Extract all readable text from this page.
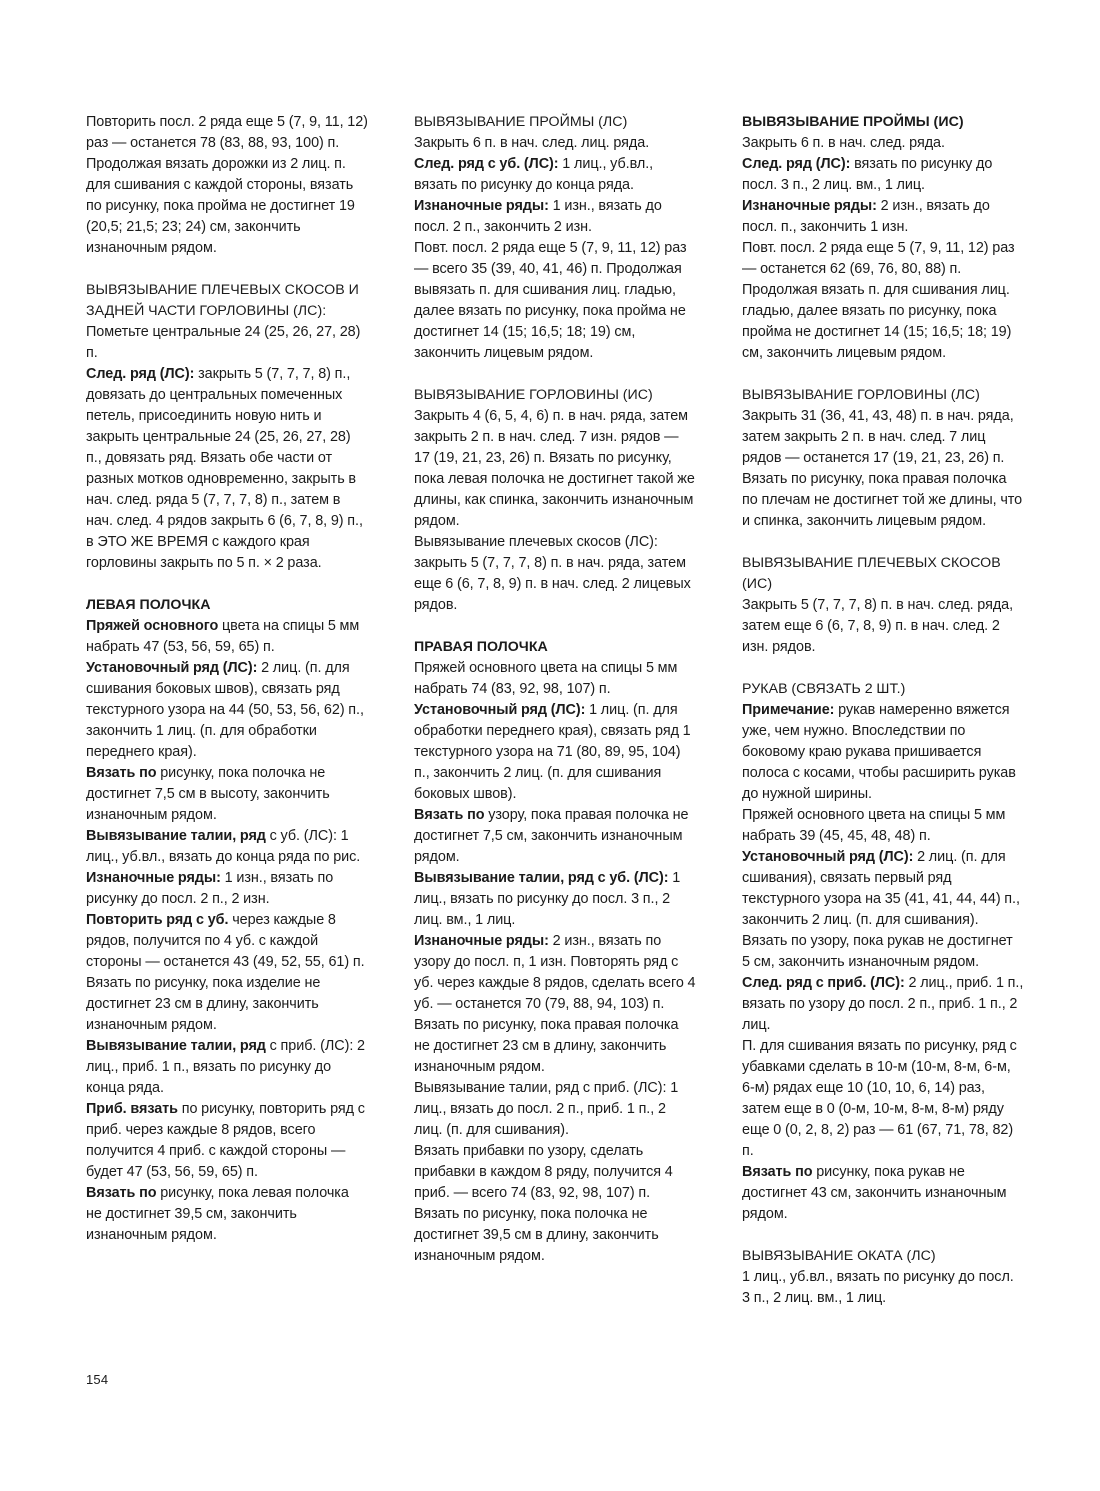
Повторить посл. 2 ряда еще 5 (7, 9, 11, 12) раз — останется 78 (83, 88, 93, 100) п. Продолжая вязать дорожки из 2 лиц. п. для сшивания с каждой стороны, вязать по рисунку, пока пройма не достигнет 19 (20,5; 21,5; 23; 24) см, закончить изнаночным рядом.

ВЫВЯЗЫВАНИЕ ПЛЕЧЕВЫХ СКОСОВ И ЗАДНЕЙ ЧАСТИ ГОРЛОВИНЫ (ЛС):

Пометьте центральные 24 (25, 26, 27, 28) п.

След. ряд (ЛС): закрыть 5 (7, 7, 7, 8) п., довязать до центральных помеченных петель, присоединить новую нить и закрыть центральные 24 (25, 26, 27, 28) п., довязать ряд. Вязать обе части от разных мотков одновременно, закрыть в нач. след. ряда 5 (7, 7, 7, 8) п., затем в нач. след. 4 рядов закрыть 6 (6, 7, 8, 9) п., в ЭТО ЖЕ ВРЕМЯ с каждого края горловины закрыть по 5 п. × 2 раза.

ЛЕВАЯ ПОЛОЧКА

Пряжей основного цвета на спицы 5 мм набрать 47 (53, 56, 59, 65) п.

Установочный ряд (ЛС): 2 лиц. (п. для сшивания боковых швов), связать ряд текстурного узора на 44 (50, 53, 56, 62) п., закончить 1 лиц. (п. для обработки переднего края).

Вязать по рисунку, пока полочка не достигнет 7,5 см в высоту, закончить изнаночным рядом.

Вывязывание талии, ряд с уб. (ЛС): 1 лиц., уб.вл., вязать до конца ряда по рис.

Изнаночные ряды: 1 изн., вязать по рисунку до посл. 2 п., 2 изн.

Повторить ряд с уб. через каждые 8 рядов, получится по 4 уб. с каждой стороны — останется 43 (49, 52, 55, 61) п. Вязать по рисунку, пока изделие не достигнет 23 см в длину, закончить изнаночным рядом.

Вывязывание талии, ряд с приб. (ЛС): 2 лиц., приб. 1 п., вязать по рисунку до конца ряда.

Приб. вязать по рисунку, повторить ряд с приб. через каждые 8 рядов, всего получится 4 приб. с каждой стороны — будет 47 (53, 56, 59, 65) п.

Вязать по рисунку, пока левая полочка не достигнет 39,5 см, закончить изнаночным рядом.

ВЫВЯЗЫВАНИЕ ПРОЙМЫ (ЛС)

Закрыть 6 п. в нач. след. лиц. ряда.

След. ряд с уб. (ЛС): 1 лиц., уб.вл., вязать по рисунку до конца ряда.

Изнаночные ряды: 1 изн., вязать до посл. 2 п., закончить 2 изн.

Повт. посл. 2 ряда еще 5 (7, 9, 11, 12) раз — всего 35 (39, 40, 41, 46) п. Продолжая вывязать п. для сшивания лиц. гладью, далее вязать по рисунку, пока пройма не достигнет 14 (15; 16,5; 18; 19) см, закончить лицевым рядом.

ВЫВЯЗЫВАНИЕ ГОРЛОВИНЫ (ИС)

Закрыть 4 (6, 5, 4, 6) п. в нач. ряда, затем закрыть 2 п. в нач. след. 7 изн. рядов — 17 (19, 21, 23, 26) п. Вязать по рисунку, пока левая полочка не достигнет такой же длины, как спинка, закончить изнаночным рядом.

Вывязывание плечевых скосов (ЛС): закрыть 5 (7, 7, 7, 8) п. в нач. ряда, затем еще 6 (6, 7, 8, 9) п. в нач. след. 2 лицевых рядов.

ПРАВАЯ ПОЛОЧКА

Пряжей основного цвета на спицы 5 мм набрать 74 (83, 92, 98, 107) п.

Установочный ряд (ЛС): 1 лиц. (п. для обработки переднего края), связать ряд 1 текстурного узора на 71 (80, 89, 95, 104) п., закончить 2 лиц. (п. для сшивания боковых швов).

Вязать по узору, пока правая полочка не достигнет 7,5 см, закончить изнаночным рядом.

Вывязывание талии, ряд с уб. (ЛС): 1 лиц., вязать по рисунку до посл. 3 п., 2 лиц. вм., 1 лиц.

Изнаночные ряды: 2 изн., вязать по узору до посл. п, 1 изн. Повторять ряд с уб. через каждые 8 рядов, сделать всего 4 уб. — останется 70 (79, 88, 94, 103) п. Вязать по рисунку, пока правая полочка не достигнет 23 см в длину, закончить изнаночным рядом.

Вывязывание талии, ряд с приб. (ЛС): 1 лиц., вязать до посл. 2 п., приб. 1 п., 2 лиц. (п. для сшивания).

Вязать прибавки по узору, сделать прибавки в каждом 8 ряду, получится 4 приб. — всего 74 (83, 92, 98, 107) п. Вязать по рисунку, пока полочка не достигнет 39,5 см в длину, закончить изнаночным рядом.

ВЫВЯЗЫВАНИЕ ПРОЙМЫ (ИС)

Закрыть 6 п. в нач. след. ряда.

След. ряд (ЛС): вязать по рисунку до посл. 3 п., 2 лиц. вм., 1 лиц.

Изнаночные ряды: 2 изн., вязать до посл. п., закончить 1 изн.

Повт. посл. 2 ряда еще 5 (7, 9, 11, 12) раз — останется 62 (69, 76, 80, 88) п. Продолжая вязать п. для сшивания лиц. гладью, далее вязать по рисунку, пока пройма не достигнет 14 (15; 16,5; 18; 19) см, закончить лицевым рядом.

ВЫВЯЗЫВАНИЕ ГОРЛОВИНЫ (ЛС)

Закрыть 31 (36, 41, 43, 48) п. в нач. ряда, затем закрыть 2 п. в нач. след. 7 лиц рядов — останется 17 (19, 21, 23, 26) п. Вязать по рисунку, пока правая полочка по плечам не достигнет той же длины, что и спинка, закончить лицевым рядом.

ВЫВЯЗЫВАНИЕ ПЛЕЧЕВЫХ СКОСОВ (ИС)

Закрыть 5 (7, 7, 7, 8) п. в нач. след. ряда, затем еще 6 (6, 7, 8, 9) п. в нач. след. 2 изн. рядов.

РУКАВ (СВЯЗАТЬ 2 ШТ.)

Примечание: рукав намеренно вяжется уже, чем нужно. Впоследствии по боковому краю рукава пришивается полоса с косами, чтобы расширить рукав до нужной ширины.

Пряжей основного цвета на спицы 5 мм набрать 39 (45, 45, 48, 48) п.

Установочный ряд (ЛС): 2 лиц. (п. для сшивания), связать первый ряд текстурного узора на 35 (41, 41, 44, 44) п., закончить 2 лиц. (п. для сшивания). Вязать по узору, пока рукав не достигнет 5 см, закончить изнаночным рядом.

След. ряд с приб. (ЛС): 2 лиц., приб. 1 п., вязать по узору до посл. 2 п., приб. 1 п., 2 лиц.

П. для сшивания вязать по рисунку, ряд с убавками сделать в 10-м (10-м, 8-м, 6-м, 6-м) рядах еще 10 (10, 10, 6, 14) раз, затем еще в 0 (0-м, 10-м, 8-м, 8-м) ряду еще 0 (0, 2, 8, 2) раз — 61 (67, 71, 78, 82) п.

Вязать по рисунку, пока рукав не достигнет 43 см, закончить изнаночным рядом.

ВЫВЯЗЫВАНИЕ ОКАТА (ЛС)

1 лиц., уб.вл., вязать по рисунку до посл. 3 п., 2 лиц. вм., 1 лиц.

154
